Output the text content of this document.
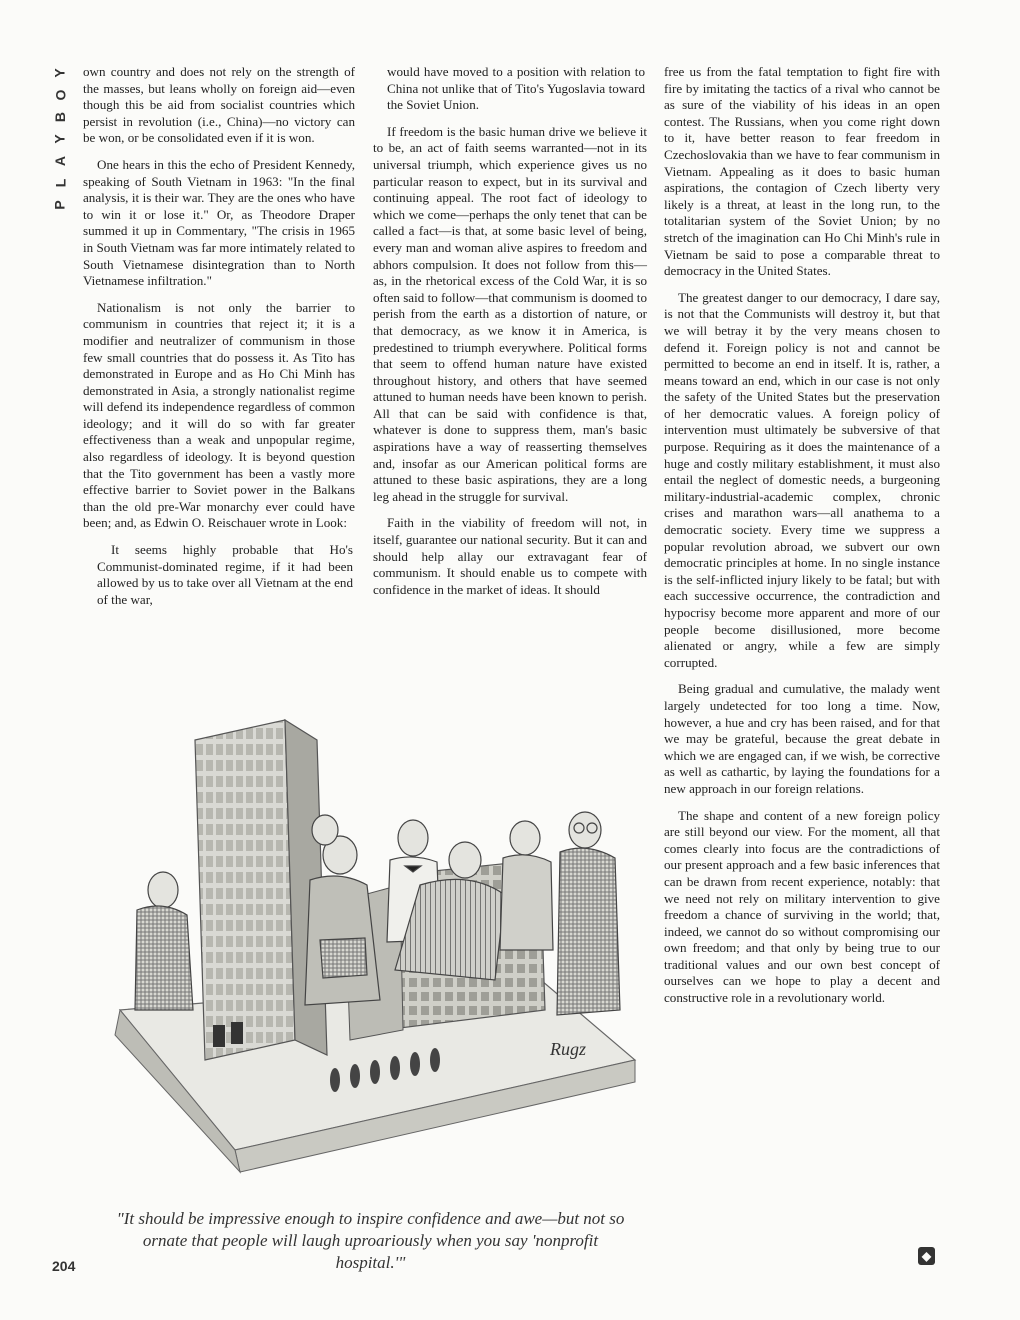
Y
O
B
Y
A
L
P

own country and does not rely on the strength of the masses, but leans wholly on foreign aid—even though this be aid from socialist countries which persist in revolution (i.e., China)—no victory can be won, or be consolidated even if it is won.

One hears in this the echo of President Kennedy, speaking of South Vietnam in 1963: "In the final analysis, it is their war. They are the ones who have to win it or lose it." Or, as Theodore Draper summed it up in Commentary, "The crisis in 1965 in South Vietnam was far more intimately related to South Vietnamese disintegration than to North Vietnamese infiltration."

Nationalism is not only the barrier to communism in countries that reject it; it is a modifier and neutralizer of communism in those few small countries that do possess it. As Tito has demonstrated in Europe and as Ho Chi Minh has demonstrated in Asia, a strongly nationalist regime will defend its independence regardless of common ideology; and it will do so with far greater effectiveness than a weak and unpopular regime, also regardless of ideology. It is beyond question that the Tito government has been a vastly more effective barrier to Soviet power in the Balkans than the old pre-War monarchy ever could have been; and, as Edwin O. Reischauer wrote in Look:

It seems highly probable that Ho's Communist-dominated regime, if it had been allowed by us to take over all Vietnam at the end of the war,

would have moved to a position with relation to China not unlike that of Tito's Yugoslavia toward the Soviet Union.

If freedom is the basic human drive we believe it to be, an act of faith seems warranted—not in its universal triumph, which experience gives us no particular reason to expect, but in its survival and continuing appeal. The root fact of ideology to which we come—perhaps the only tenet that can be called a fact—is that, at some basic level of being, every man and woman alive aspires to freedom and abhors compulsion. It does not follow from this—as, in the rhetorical excess of the Cold War, it is so often said to follow—that communism is doomed to perish from the earth as a distortion of nature, or that democracy, as we know it in America, is predestined to triumph everywhere. Political forms that seem to offend human nature have existed throughout history, and others that have seemed attuned to human needs have been known to perish. All that can be said with confidence is that, whatever is done to suppress them, man's basic aspirations have a way of reasserting themselves and, insofar as our American political forms are attuned to these basic aspirations, they are a long leg ahead in the struggle for survival.

Faith in the viability of freedom will not, in itself, guarantee our national security. But it can and should help allay our extravagant fear of communism. It should enable us to compete with confidence in the market of ideas. It should

free us from the fatal temptation to fight fire with fire by imitating the tactics of a rival who cannot be as sure of the viability of his ideas in an open contest. The Russians, when you come right down to it, have better reason to fear freedom in Czechoslovakia than we have to fear communism in Vietnam. Appealing as it does to basic human aspirations, the contagion of Czech liberty very likely is a threat, at least in the long run, to the totalitarian system of the Soviet Union; by no stretch of the imagination can Ho Chi Minh's rule in Vietnam be said to pose a comparable threat to democracy in the United States.

The greatest danger to our democracy, I dare say, is not that the Communists will destroy it, but that we will betray it by the very means chosen to defend it. Foreign policy is not and cannot be permitted to become an end in itself. It is, rather, a means toward an end, which in our case is not only the safety of the United States but the preservation of her democratic values. A foreign policy of intervention must ultimately be subversive of that purpose. Requiring as it does the maintenance of a huge and costly military establishment, it must also entail the neglect of domestic needs, a burgeoning military-industrial-academic complex, chronic crises and marathon wars—all anathema to a democratic society. Every time we suppress a popular revolution abroad, we subvert our own democratic principles at home. In no single instance is the self-inflicted injury likely to be fatal; but with each successive occurrence, the contradiction and hypocrisy become more apparent and more of our people become disillusioned, more become alienated or angry, while a few are simply corrupted.

Being gradual and cumulative, the malady went largely undetected for too long a time. Now, however, a hue and cry has been raised, and for that we may be grateful, because the great debate in which we are engaged can, if we wish, be corrective as well as cathartic, by laying the foundations for a new approach in our foreign relations.

The shape and content of a new foreign policy are still beyond our view. For the moment, all that comes clearly into focus are the contradictions of our present approach and a few basic inferences that can be drawn from recent experience, notably: that we need not rely on military intervention to give freedom a chance of surviving in the world; that, indeed, we cannot do so without compromising our own freedom; and that only by being true to our traditional values and our own best concept of ourselves can we hope to play a decent and constructive role in a revolutionary world.

Rugz
"It should be impressive enough to inspire confidence and awe—but not so ornate that people will laugh uproariously when you say 'nonprofit hospital.'"
204
◆
